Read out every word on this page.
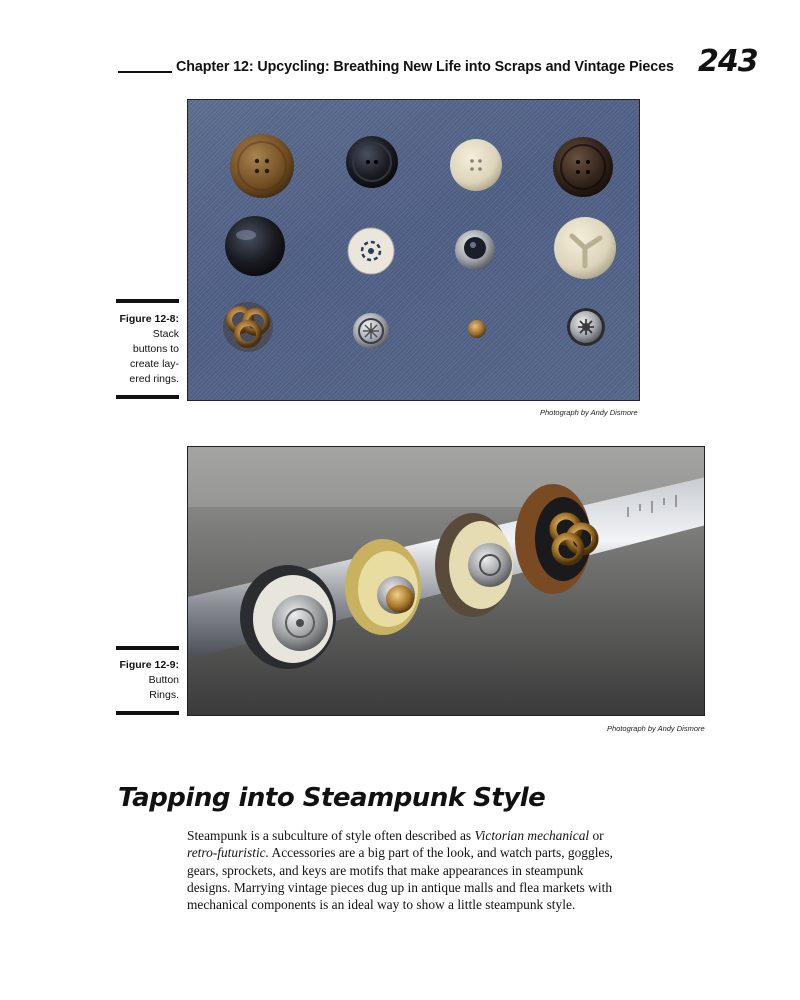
Chapter 12: Upcycling: Breathing New Life into Scraps and Vintage Pieces 243
Photograph by Andy Dismore
Figure 12-8:
Stack
buttons to
create lay-
ered rings.
Photograph by Andy Dismore
Figure 12-9:
Button
Rings.
Tapping into Steampunk Style

Steampunk is a subculture of style often described as Victorian mechanical or

retro-futuristic. Accessories are a big part of the look, and watch parts, goggles,

gears, sprockets, and keys are motifs that make appearances in steampunk

designs. Marrying vintage pieces dug up in antique malls and flea markets with

mechanical components is an ideal way to show a little steampunk style.
